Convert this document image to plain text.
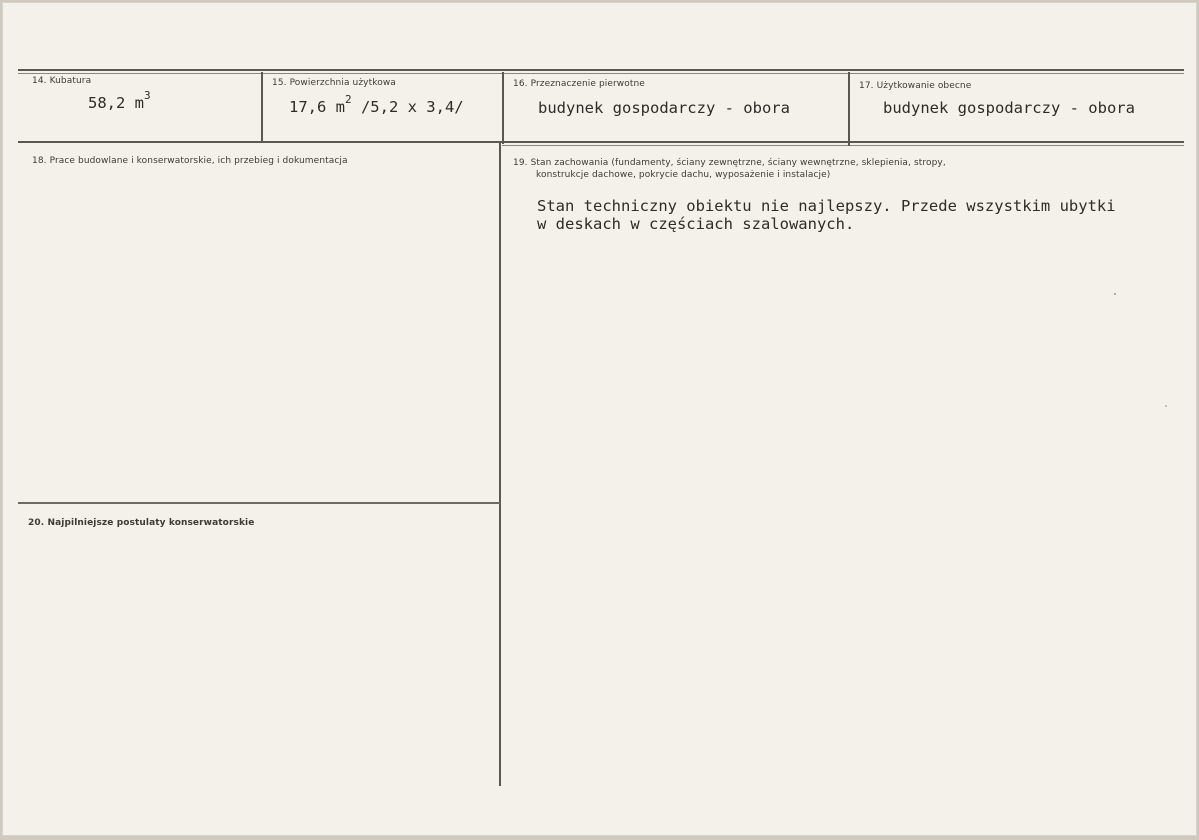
14. Kubatura
58,2 $m^3$
15. Powierzchnia użytkowa
17,6 $m^2$ /5,2 x 3,4/
16. Przeznaczenie pierwotne
budynek gospodarczy - obora
17. Użytkowanie obecne
budynek gospodarczy - obora
18. Prace budowlane i konserwatorskie, ich przebieg i dokumentacja	19. Stan zachowania (fundamenty, ściany zewnętrzne, ściany wewnętrzne, sklepienia, stropy,
konstrukcje dachowe, pokrycie dachu, wyposażenie i instalacje)
Stan techniczny obiektu nie najlepszy. Przede wszystkim ubytki
w deskach w częściach szalowanych.
20. Najpilniejsze postulaty konserwatorskie
